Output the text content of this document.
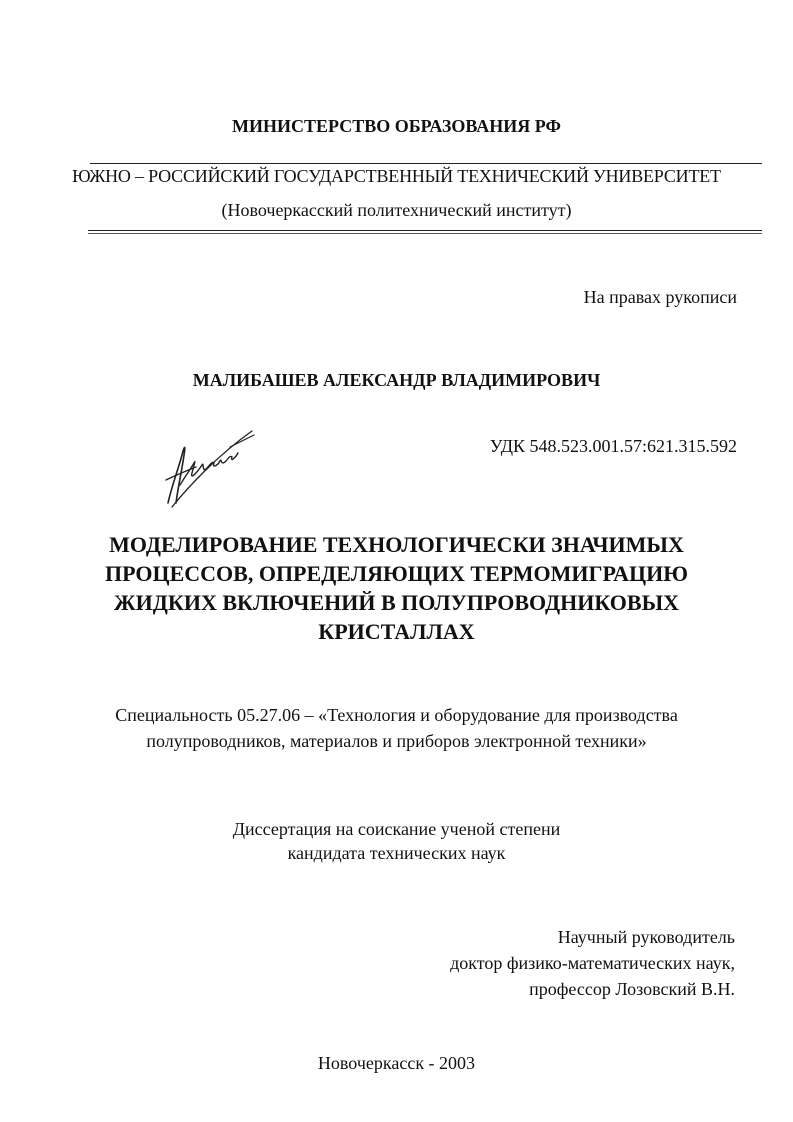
МИНИСТЕРСТВО ОБРАЗОВАНИЯ РФ
ЮЖНО – РОССИЙСКИЙ ГОСУДАРСТВЕННЫЙ ТЕХНИЧЕСКИЙ УНИВЕРСИТЕТ
(Новочеркасский политехнический институт)
На правах рукописи
МАЛИБАШЕВ АЛЕКСАНДР ВЛАДИМИРОВИЧ
УДК 548.523.001.57:621.315.592
МОДЕЛИРОВАНИЕ ТЕХНОЛОГИЧЕСКИ ЗНАЧИМЫХ
ПРОЦЕССОВ, ОПРЕДЕЛЯЮЩИХ ТЕРМОМИГРАЦИЮ
ЖИДКИХ ВКЛЮЧЕНИЙ В ПОЛУПРОВОДНИКОВЫХ
КРИСТАЛЛАХ
Специальность 05.27.06 – «Технология и оборудование для производства
полупроводников, материалов и приборов электронной техники»
Диссертация на соискание ученой степени
кандидата технических наук
Научный руководитель
доктор физико-математических наук,
профессор Лозовский В.Н.
Новочеркасск - 2003
